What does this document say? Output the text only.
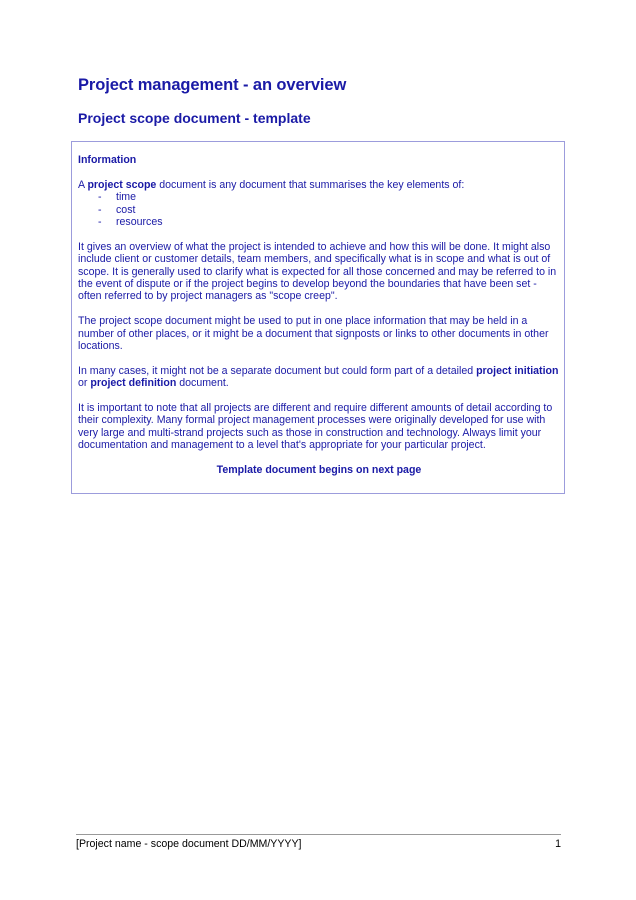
Project management - an overview
Project scope document - template

Information

A project scope document is any document that summarises the key elements of:

- time
- cost
- resources

It gives an overview of what the project is intended to achieve and how this will be done. It might also include client or customer details, team members, and specifically what is in scope and what is out of scope. It is generally used to clarify what is expected for all those concerned and may be referred to in the event of dispute or if the project begins to develop beyond the boundaries that have been set - often referred to by project managers as "scope creep".

The project scope document might be used to put in one place information that may be held in a number of other places, or it might be a document that signposts or links to other documents in other locations.

In many cases, it might not be a separate document but could form part of a detailed project initiation or project definition document.

It is important to note that all projects are different and require different amounts of detail according to their complexity. Many formal project management processes were originally developed for use with very large and multi-strand projects such as those in construction and technology. Always limit your documentation and management to a level that's appropriate for your particular project.

Template document begins on next page

[Project name - scope document DD/MM/YYYY]	1
